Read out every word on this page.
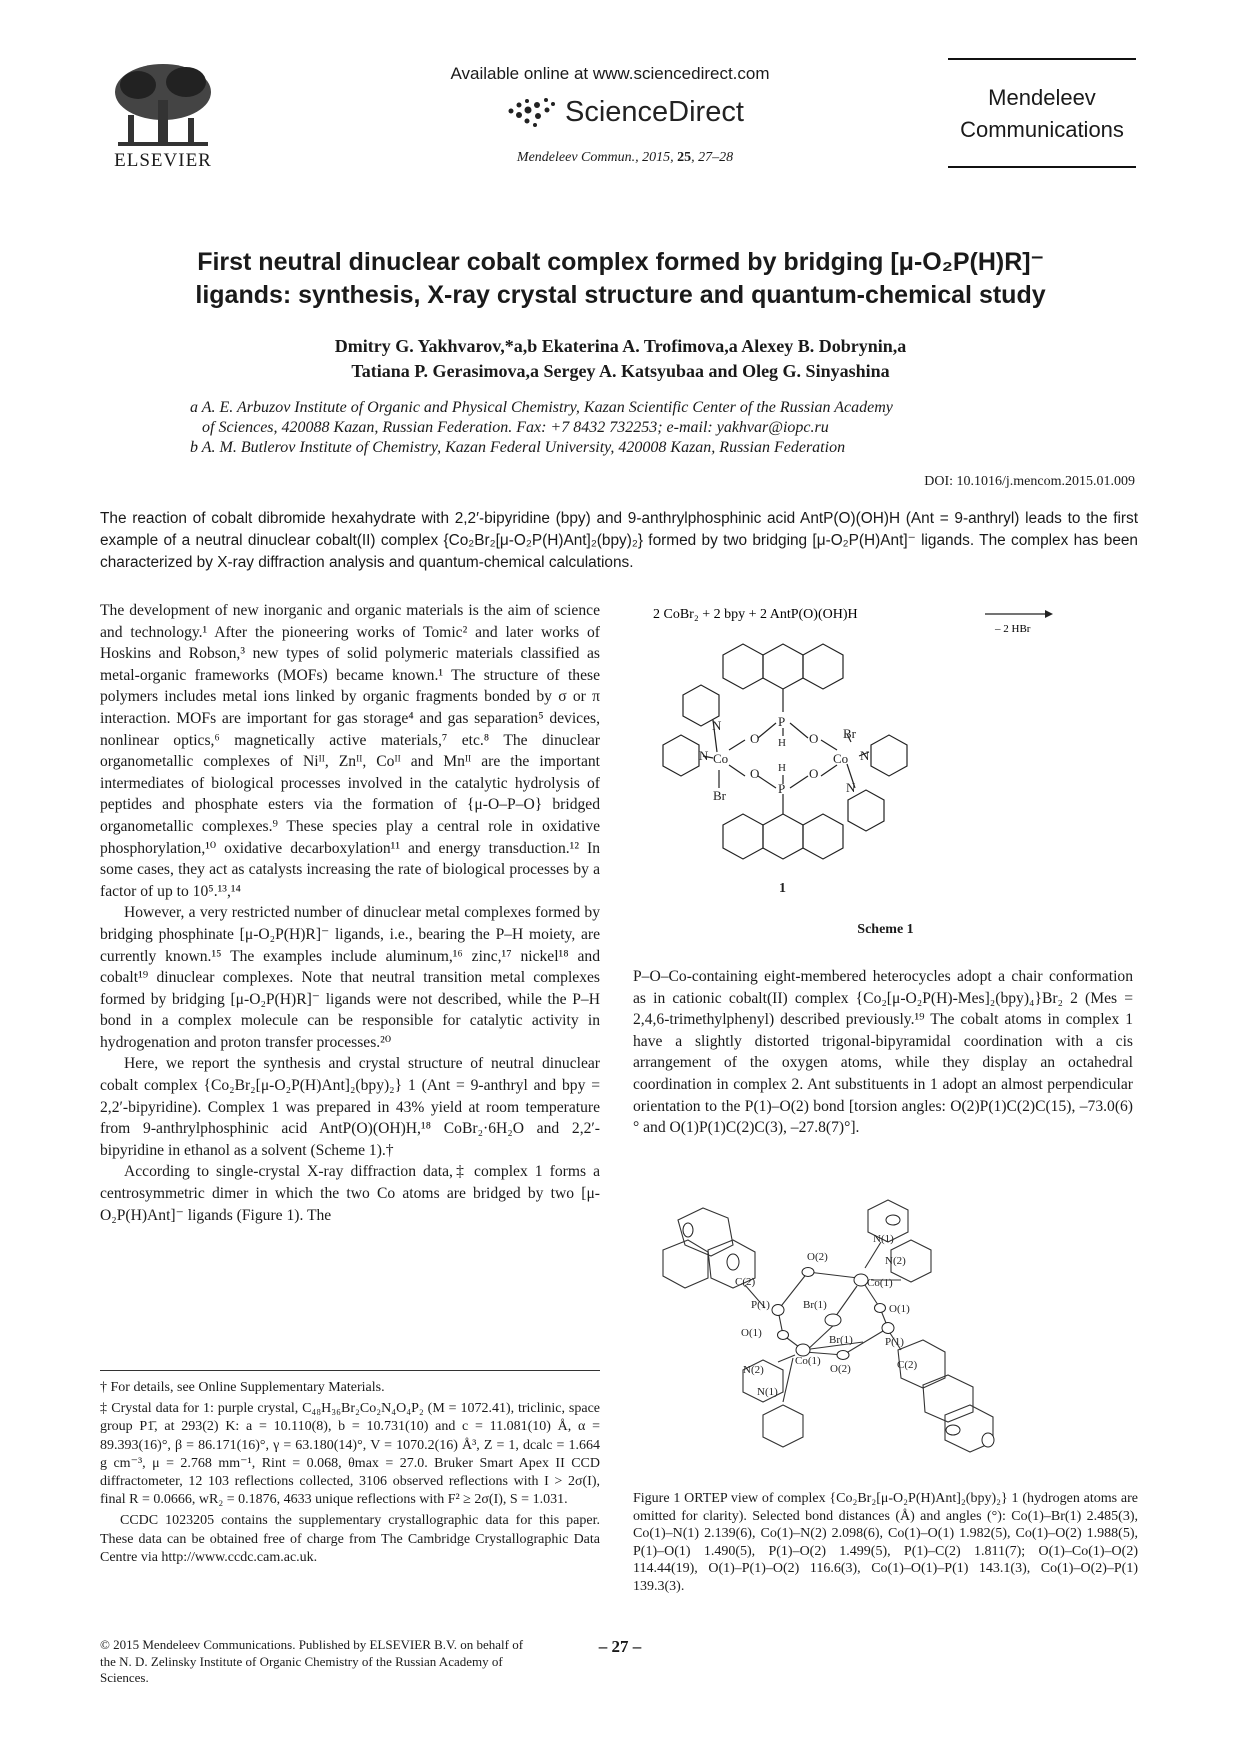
ELSEVIER
Available online at www.sciencedirect.com
ScienceDirect
Mendeleev Commun., 2015, 25, 27–28
Mendeleev
Communications
First neutral dinuclear cobalt complex formed by bridging [μ-O₂P(H)R]⁻
ligands: synthesis, X-ray crystal structure and quantum-chemical study
Dmitry G. Yakhvarov,*a,b Ekaterina A. Trofimova,a Alexey B. Dobrynin,a
Tatiana P. Gerasimova,a Sergey A. Katsyubaa and Oleg G. Sinyashina
a A. E. Arbuzov Institute of Organic and Physical Chemistry, Kazan Scientific Center of the Russian Academy
of Sciences, 420088 Kazan, Russian Federation. Fax: +7 8432 732253; e-mail: yakhvar@iopc.ru
b A. M. Butlerov Institute of Chemistry, Kazan Federal University, 420008 Kazan, Russian Federation
DOI: 10.1016/j.mencom.2015.01.009
The reaction of cobalt dibromide hexahydrate with 2,2′-bipyridine (bpy) and 9-anthrylphosphinic acid AntP(O)(OH)H (Ant = 9-anthryl) leads to the first example of a neutral dinuclear cobalt(II) complex {Co₂Br₂[μ-O₂P(H)Ant]₂(bpy)₂} formed by two bridging [μ-O₂P(H)Ant]⁻ ligands. The complex has been characterized by X-ray diffraction analysis and quantum-chemical calculations.

The development of new inorganic and organic materials is the aim of science and technology.¹ After the pioneering works of Tomic² and later works of Hoskins and Robson,³ new types of solid polymeric materials classified as metal-organic frameworks (MOFs) became known.¹ The structure of these polymers includes metal ions linked by organic fragments bonded by σ or π interaction. MOFs are important for gas storage⁴ and gas separation⁵ devices, nonlinear optics,⁶ magnetically active materials,⁷ etc.⁸ The dinuclear organometallic complexes of Niᴵᴵ, Znᴵᴵ, Coᴵᴵ and Mnᴵᴵ are the important intermediates of biological processes involved in the catalytic hydrolysis of peptides and phosphate esters via the formation of {μ-O–P–O} bridged organometallic complexes.⁹ These species play a central role in oxidative phosphorylation,¹⁰ oxidative decarboxylation¹¹ and energy transduction.¹² In some cases, they act as catalysts increasing the rate of biological processes by a factor of up to 10⁵.¹³,¹⁴

However, a very restricted number of dinuclear metal complexes formed by bridging phosphinate [μ-O₂P(H)R]⁻ ligands, i.e., bearing the P–H moiety, are currently known.¹⁵ The examples include aluminum,¹⁶ zinc,¹⁷ nickel¹⁸ and cobalt¹⁹ dinuclear complexes. Note that neutral transition metal complexes formed by bridging [μ-O₂P(H)R]⁻ ligands were not described, while the P–H bond in a complex molecule can be responsible for catalytic activity in hydrogenation and proton transfer processes.²⁰

Here, we report the synthesis and crystal structure of neutral dinuclear cobalt complex {Co₂Br₂[μ-O₂P(H)Ant]₂(bpy)₂} 1 (Ant = 9-anthryl and bpy = 2,2′-bipyridine). Complex 1 was prepared in 43% yield at room temperature from 9-anthrylphosphinic acid AntP(O)(OH)H,¹⁸ CoBr₂·6H₂O and 2,2′-bipyridine in ethanol as a solvent (Scheme 1).†

According to single-crystal X-ray diffraction data,‡ complex 1 forms a centrosymmetric dimer in which the two Co atoms are bridged by two [μ-O₂P(H)Ant]⁻ ligands (Figure 1). The

† For details, see Online Supplementary Materials.

‡ Crystal data for 1: purple crystal, C₄₈H₃₆Br₂Co₂N₄O₄P₂ (M = 1072.41), triclinic, space group P1̄, at 293(2) K: a = 10.110(8), b = 10.731(10) and c = 11.081(10) Å, α = 89.393(16)°, β = 86.171(16)°, γ = 63.180(14)°, V = 1070.2(16) Å³, Z = 1, dcalc = 1.664 g cm⁻³, μ = 2.768 mm⁻¹, Rint = 0.068, θmax = 27.0. Bruker Smart Apex II CCD diffractometer, 12 103 reflections collected, 3106 observed reflections with I > 2σ(I), final R = 0.0666, wR₂ = 0.1876, 4633 unique reflections with F² ≥ 2σ(I), S = 1.031.

CCDC 1023205 contains the supplementary crystallographic data for this paper. These data can be obtained free of charge from The Cambridge Crystallographic Data Centre via http://www.ccdc.cam.ac.uk.

2 CoBr₂ + 2 bpy + 2 AntP(O)(OH)H
– 2 HBr
P
H
O	O
H
P
O	O
Co	Co
N
N
Br
Br
N
N
1
Scheme 1

P–O–Co-containing eight-membered heterocycles adopt a chair conformation as in cationic cobalt(II) complex {Co₂[μ-O₂P(H)-Mes]₂(bpy)₄}Br₂ 2 (Mes = 2,4,6-trimethylphenyl) described previously.¹⁹ The cobalt atoms in complex 1 have a slightly distorted trigonal-bipyramidal coordination with a cis arrangement of the oxygen atoms, while they display an octahedral coordination in complex 2. Ant substituents in 1 adopt an almost perpendicular orientation to the P(1)–O(2) bond [torsion angles: O(2)P(1)C(2)C(15), –73.0(6)° and O(1)P(1)C(2)C(3), –27.8(7)°].

N(1)
N(2)
O(2)
C(2)
P(1)
Co(1)
Br(1)
O(1)
O(1)
Br(1)	P(1)
C(2)
N(2)
Co(1)
O(2)
N(1)
Figure 1 ORTEP view of complex {Co₂Br₂[μ-O₂P(H)Ant]₂(bpy)₂} 1 (hydrogen atoms are omitted for clarity). Selected bond distances (Å) and angles (°): Co(1)–Br(1) 2.485(3), Co(1)–N(1) 2.139(6), Co(1)–N(2) 2.098(6), Co(1)–O(1) 1.982(5), Co(1)–O(2) 1.988(5), P(1)–O(1) 1.490(5), P(1)–O(2) 1.499(5), P(1)–C(2) 1.811(7); O(1)–Co(1)–O(2) 114.44(19), O(1)–P(1)–O(2) 116.6(3), Co(1)–O(1)–P(1) 143.1(3), Co(1)–O(2)–P(1) 139.3(3).
© 2015 Mendeleev Communications. Published by ELSEVIER B.V. on behalf of the N. D. Zelinsky Institute of Organic Chemistry of the Russian Academy of Sciences.
– 27 –
